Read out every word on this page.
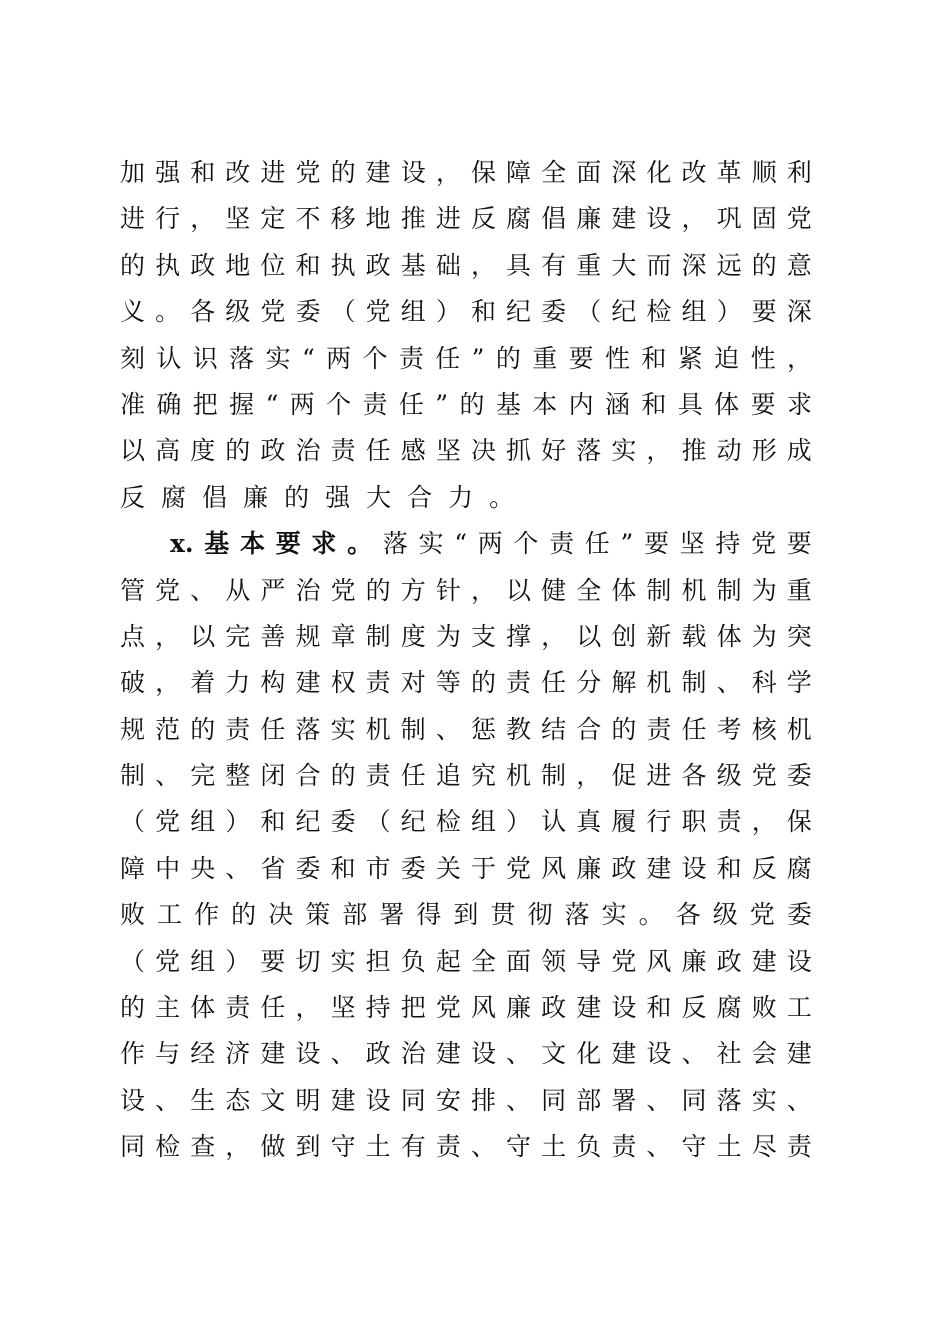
加 强 和 改 进 党 的 建 设 ， 保 障 全 面 深 化 改 革 顺 利
进 行 ， 坚 定 不 移 地 推 进 反 腐 倡 廉 建 设 ， 巩 固 党
的 执 政 地 位 和 执 政 基 础 ， 具 有 重 大 而 深 远 的 意
义 。 各 级 党 委 （ 党 组 ） 和 纪 委 （ 纪 检 组 ） 要 深
刻 认 识 落 实 “ 两 个 责 任 ” 的 重 要 性 和 紧 迫 性 ，
准 确 把 握 “ 两 个 责 任 ” 的 基 本 内 涵 和 具 体 要 求
以 高 度 的 政 治 责 任 感 坚 决 抓 好 落 实 ， 推 动 形 成
反 腐 倡 廉 的 强 大 合 力 。
x. 基 本 要 求 。 落 实 “ 两 个 责 任 ” 要 坚 持 党 要
管 党 、 从 严 治 党 的 方 针 ， 以 健 全 体 制 机 制 为 重
点 ， 以 完 善 规 章 制 度 为 支 撑 ， 以 创 新 载 体 为 突
破 ， 着 力 构 建 权 责 对 等 的 责 任 分 解 机 制 、 科 学
规 范 的 责 任 落 实 机 制 、 惩 教 结 合 的 责 任 考 核 机
制 、 完 整 闭 合 的 责 任 追 究 机 制 ， 促 进 各 级 党 委
（ 党 组 ） 和 纪 委 （ 纪 检 组 ） 认 真 履 行 职 责 ， 保
障 中 央 、 省 委 和 市 委 关 于 党 风 廉 政 建 设 和 反 腐
败 工 作 的 决 策 部 署 得 到 贯 彻 落 实 。 各 级 党 委
（ 党 组 ） 要 切 实 担 负 起 全 面 领 导 党 风 廉 政 建 设
的 主 体 责 任 ， 坚 持 把 党 风 廉 政 建 设 和 反 腐 败 工
作 与 经 济 建 设 、 政 治 建 设 、 文 化 建 设 、 社 会 建
设 、 生 态 文 明 建 设 同 安 排 、 同 部 署 、 同 落 实 、
同 检 查 ， 做 到 守 土 有 责 、 守 土 负 责 、 守 土 尽 责
